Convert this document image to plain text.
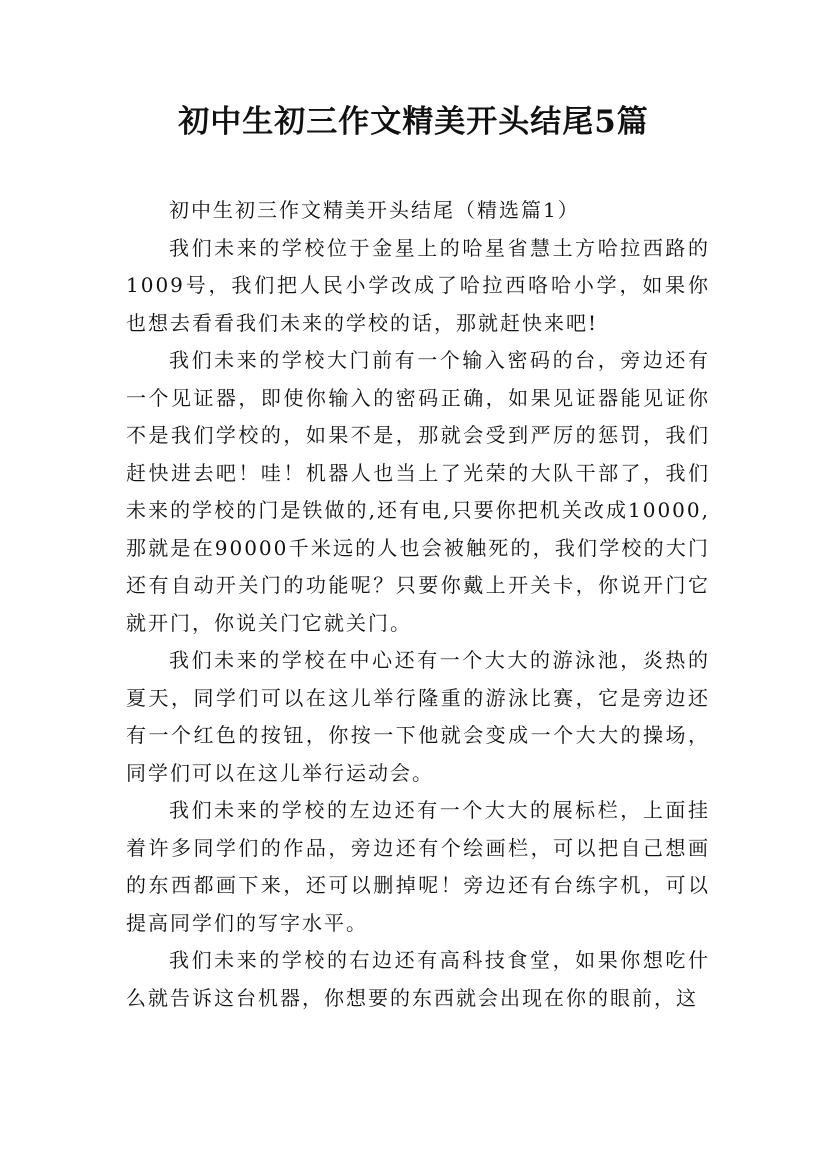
初中生初三作文精美开头结尾5篇
初中生初三作文精美开头结尾（精选篇1）

我们未来的学校位于金星上的哈星省慧土方哈拉西路的1009号，我们把人民小学改成了哈拉西咯哈小学，如果你也想去看看我们未来的学校的话，那就赶快来吧!

我们未来的学校大门前有一个输入密码的台，旁边还有一个见证器，即使你输入的密码正确，如果见证器能见证你不是我们学校的，如果不是，那就会受到严厉的惩罚，我们赶快进去吧！哇！机器人也当上了光荣的大队干部了，我们未来的学校的门是铁做的,还有电,只要你把机关改成10000,那就是在90000千米远的人也会被触死的，我们学校的大门还有自动开关门的功能呢？只要你戴上开关卡，你说开门它就开门，你说关门它就关门。

我们未来的学校在中心还有一个大大的游泳池，炎热的夏天，同学们可以在这儿举行隆重的游泳比赛，它是旁边还有一个红色的按钮，你按一下他就会变成一个大大的操场，同学们可以在这儿举行运动会。

我们未来的学校的左边还有一个大大的展标栏，上面挂着许多同学们的作品，旁边还有个绘画栏，可以把自己想画的东西都画下来，还可以删掉呢！旁边还有台练字机，可以提高同学们的写字水平。

我们未来的学校的右边还有高科技食堂，如果你想吃什么就告诉这台机器，你想要的东西就会出现在你的眼前，这
